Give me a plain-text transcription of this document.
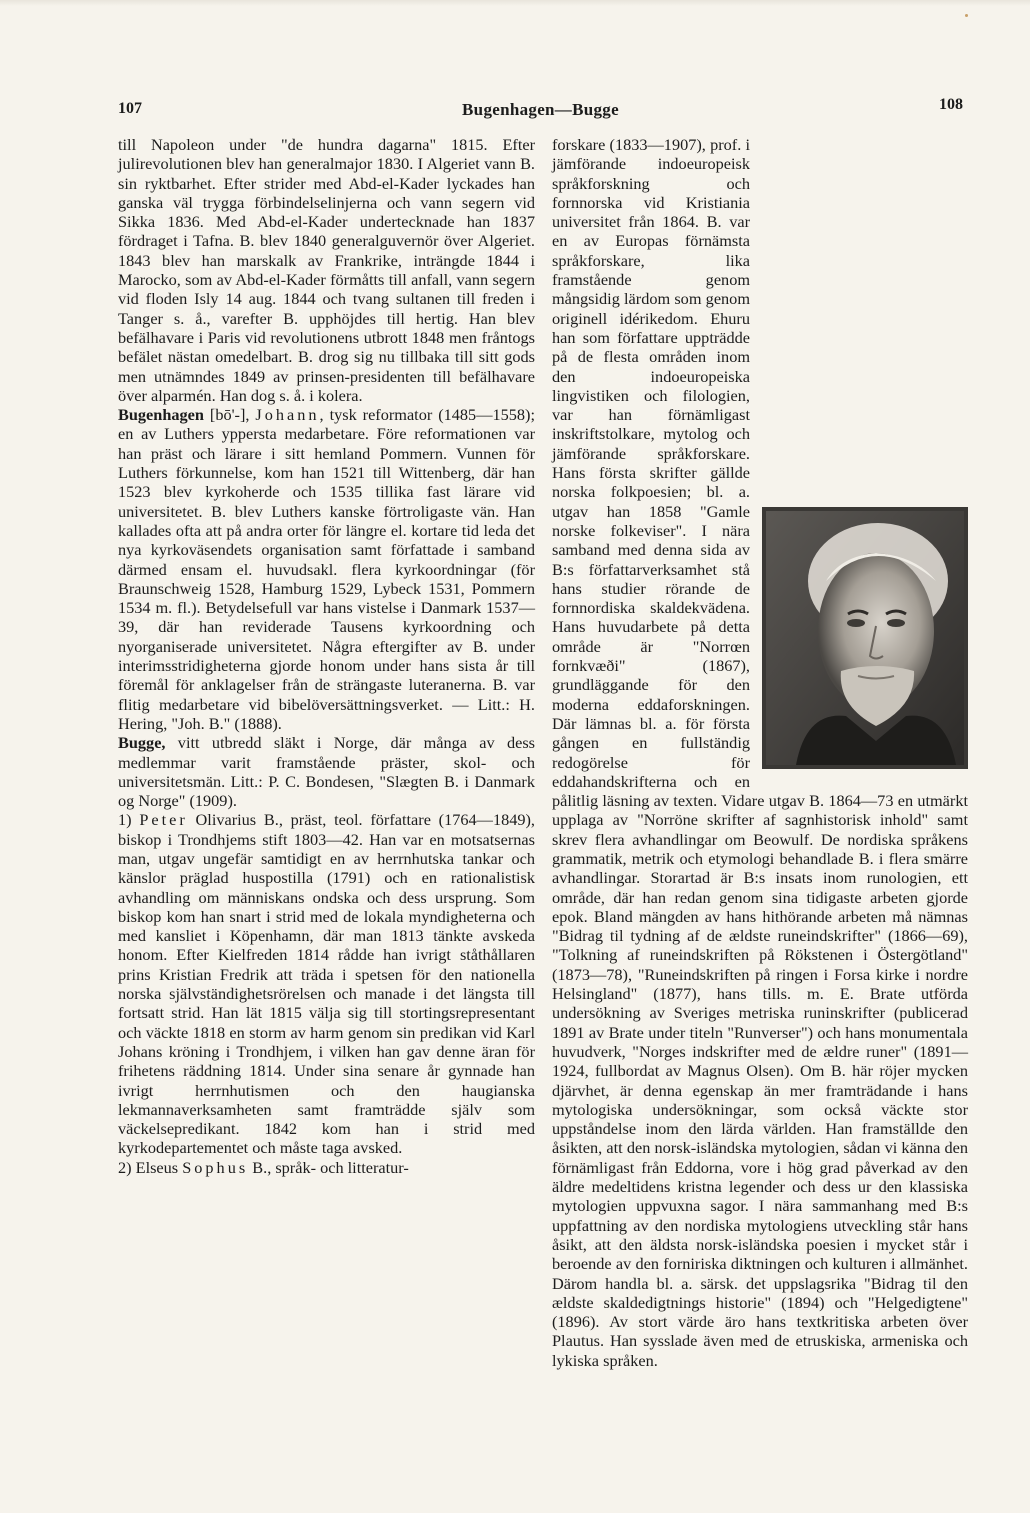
107	Bugenhagen—Bugge	108

till Napoleon under "de hundra dagarna" 1815. Efter julirevolutionen blev han generalmajor 1830. I Algeriet vann B. sin ryktbarhet. Efter strider med Abd-el-Kader lyckades han ganska väl trygga förbindelselinjerna och vann segern vid Sikka 1836. Med Abd-el-Kader undertecknade han 1837 fördraget i Tafna. B. blev 1840 generalguvernör över Algeriet. 1843 blev han marskalk av Frankrike, inträngde 1844 i Marocko, som av Abd-el-Kader förmåtts till anfall, vann segern vid floden Isly 14 aug. 1844 och tvang sultanen till freden i Tanger s. å., varefter B. upphöjdes till hertig. Han blev befälhavare i Paris vid revolutionens utbrott 1848 men fråntogs befälet nästan omedelbart. B. drog sig nu tillbaka till sitt gods men utnämndes 1849 av prinsen-presidenten till befälhavare över alparmén. Han dog s. å. i kolera.

Bugenhagen [bō'-], Johann, tysk reformator (1485—1558); en av Luthers yppersta medarbetare. Före reformationen var han präst och lärare i sitt hemland Pommern. Vunnen för Luthers förkunnelse, kom han 1521 till Wittenberg, där han 1523 blev kyrkoherde och 1535 tillika fast lärare vid universitetet. B. blev Luthers kanske förtroligaste vän. Han kallades ofta att på andra orter för längre el. kortare tid leda det nya kyrkoväsendets organisation samt författade i samband därmed ensam el. huvudsakl. flera kyrkoordningar (för Braunschweig 1528, Hamburg 1529, Lybeck 1531, Pommern 1534 m. fl.). Betydelsefull var hans vistelse i Danmark 1537—39, där han reviderade Tausens kyrkoordning och nyorganiserade universitetet. Några eftergifter av B. under interimsstridigheterna gjorde honom under hans sista år till föremål för anklagelser från de strängaste luteranerna. B. var flitig medarbetare vid bibelöversättningsverket. — Litt.: H. Hering, "Joh. B." (1888).

Bugge, vitt utbredd släkt i Norge, där många av dess medlemmar varit framstående präster, skol- och universitetsmän. Litt.: P. C. Bondesen, "Slægten B. i Danmark og Norge" (1909).

1) Peter Olivarius B., präst, teol. författare (1764—1849), biskop i Trondhjems stift 1803—42. Han var en motsatsernas man, utgav ungefär samtidigt en av herrnhutska tankar och känslor präglad huspostilla (1791) och en rationalistisk avhandling om människans ondska och dess ursprung. Som biskop kom han snart i strid med de lokala myndigheterna och med kansliet i Köpenhamn, där man 1813 tänkte avskeda honom. Efter Kielfreden 1814 rådde han ivrigt ståthållaren prins Kristian Fredrik att träda i spetsen för den nationella norska självständighetsrörelsen och manade i det längsta till fortsatt strid. Han lät 1815 välja sig till stortingsrepresentant och väckte 1818 en storm av harm genom sin predikan vid Karl Johans kröning i Trondhjem, i vilken han gav denne äran för frihetens räddning 1814. Under sina senare år gynnade han ivrigt herrnhutismen och den haugianska lekmannaverksamheten samt framträdde själv som väckelsepredikant. 1842 kom han i strid med kyrkodepartementet och måste taga avsked.

2) Elseus Sophus B., språk- och litteratur-

forskare (1833—1907), prof. i jämförande indoeuropeisk språkforskning och fornnorska vid Kristiania universitet från 1864. B. var en av Europas förnämsta språkforskare, lika framstående genom mångsidig lärdom som genom originell idérikedom. Ehuru han som författare uppträdde på de flesta områden inom den indoeuropeiska lingvistiken och filologien, var han förnämligast inskriftstolkare, mytolog och jämförande språkforskare. Hans första skrifter gällde norska folkpoesien; bl. a. utgav han 1858 "Gamle norske folkeviser". I nära samband med denna sida av B:s författarverksamhet stå hans studier rörande de fornnordiska skaldekvädena. Hans huvudarbete på detta område är "Norrœn fornkvæði" (1867), grundläggande för den moderna eddaforskningen. Där lämnas bl. a. för första gången en fullständig redogörelse för eddahandskrifterna och en pålitlig läsning av texten. Vidare utgav B. 1864—73 en utmärkt upplaga av "Norröne skrifter af sagnhistorisk inhold" samt skrev flera avhandlingar om Beowulf. De nordiska språkens grammatik, metrik och etymologi behandlade B. i flera smärre avhandlingar. Storartad är B:s insats inom runologien, ett område, där han redan genom sina tidigaste arbeten gjorde epok. Bland mängden av hans hithörande arbeten må nämnas "Bidrag til tydning af de ældste runeindskrifter" (1866—69), "Tolkning af runeindskriften på Rökstenen i Östergötland" (1873—78), "Runeindskriften på ringen i Forsa kirke i nordre Helsingland" (1877), hans tills. m. E. Brate utförda undersökning av Sveriges metriska runinskrifter (publicerad 1891 av Brate under titeln "Runverser") och hans monumentala huvudverk, "Norges indskrifter med de ældre runer" (1891—1924, fullbordat av Magnus Olsen). Om B. här röjer mycken djärvhet, är denna egenskap än mer framträdande i hans mytologiska undersökningar, som också väckte stor uppståndelse inom den lärda världen. Han framställde den åsikten, att den norsk-isländska mytologien, sådan vi känna den förnämligast från Eddorna, vore i hög grad påverkad av den äldre medeltidens kristna legender och dess ur den klassiska mytologien uppvuxna sagor. I nära sammanhang med B:s uppfattning av den nordiska mytologiens utveckling står hans åsikt, att den äldsta norsk-isländska poesien i mycket står i beroende av den forniriska diktningen och kulturen i allmänhet. Därom handla bl. a. särsk. det uppslagsrika "Bidrag til den ældste skaldedigtnings historie" (1894) och "Helgedigtene" (1896). Av stort värde äro hans textkritiska arbeten över Plautus. Han sysslade även med de etruskiska, armeniska och lykiska språken.
